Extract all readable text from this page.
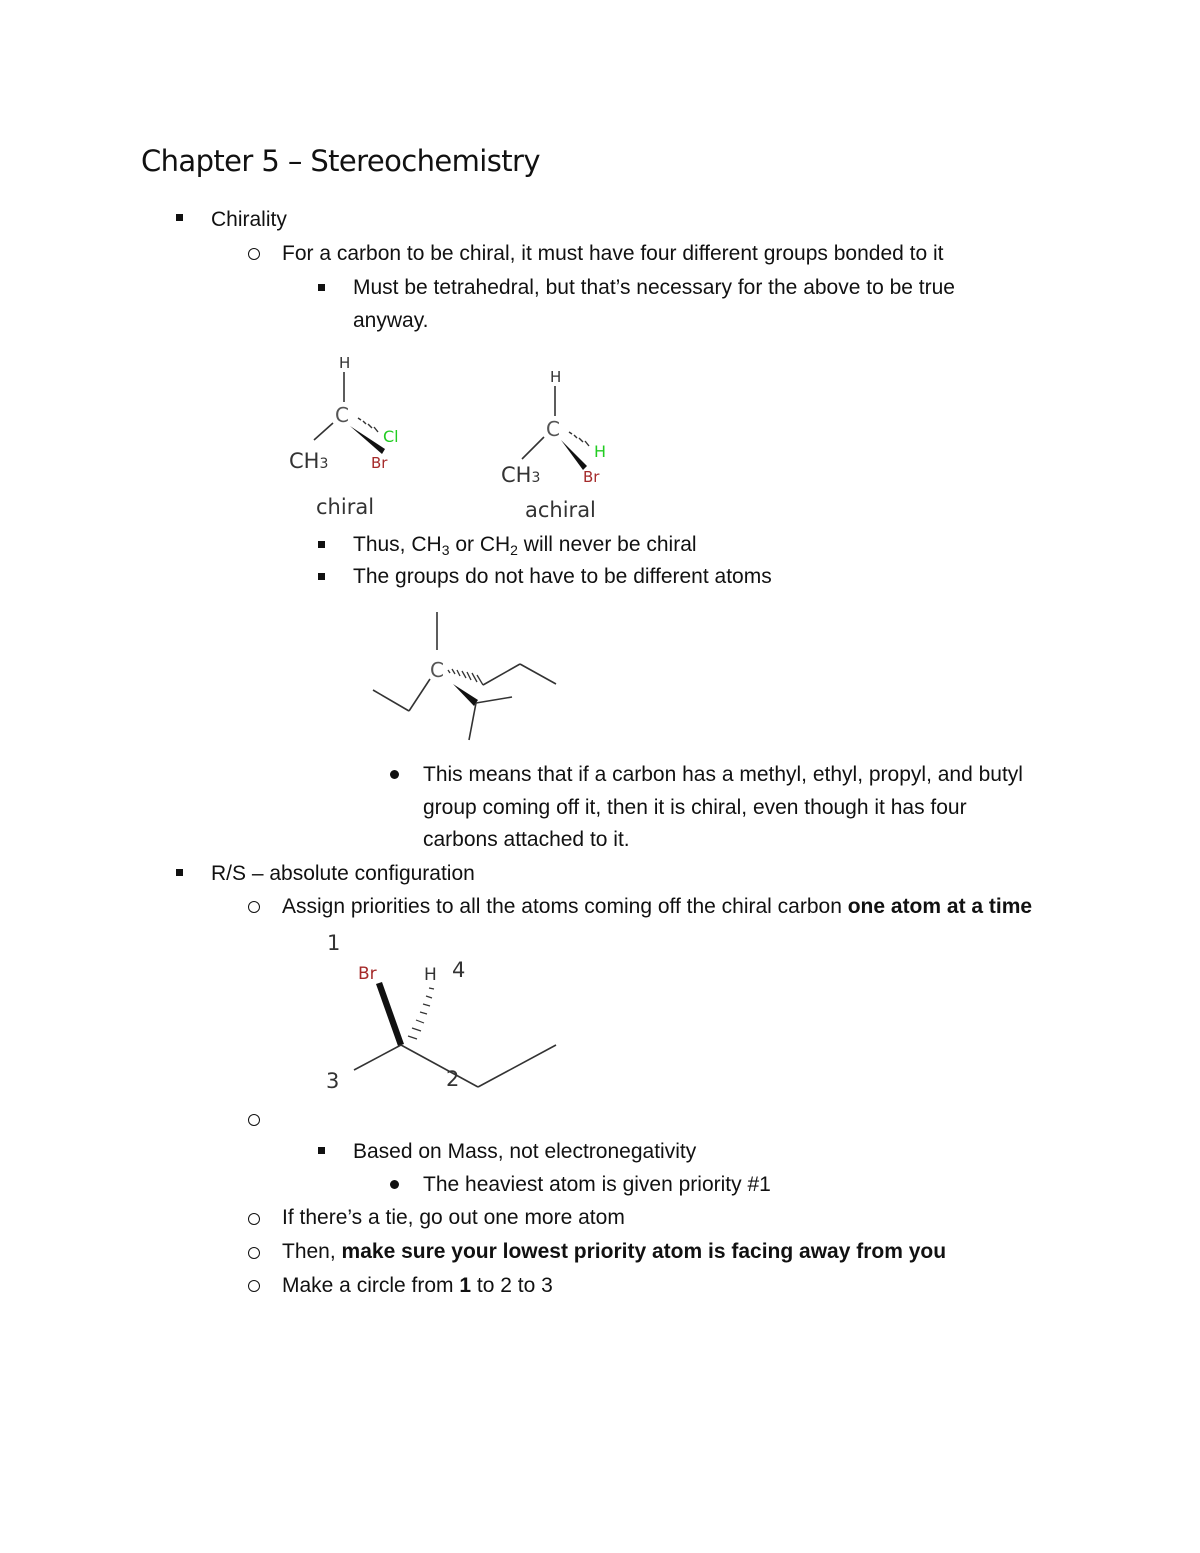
Chapter 5 – Stereochemistry
Chirality
For a carbon to be chiral, it must have four different groups bonded to it
Must be tetrahedral, but that’s necessary for the above to be true
anyway.
H
C
Cl
Br
CH3
chiral
H
C
H
Br
CH3
achiral
Thus, CH3 or CH2 will never be chiral
The groups do not have to be different atoms
C
This means that if a carbon has a methyl, ethyl, propyl, and butyl
group coming off it, then it is chiral, even though it has four
carbons attached to it.
R/S – absolute configuration
Assign priorities to all the atoms coming off the chiral carbon one atom at a time
1
Br	H 4
3	2
Based on Mass, not electronegativity
The heaviest atom is given priority #1
If there’s a tie, go out one more atom
Then, make sure your lowest priority atom is facing away from you
Make a circle from 1 to 2 to 3
